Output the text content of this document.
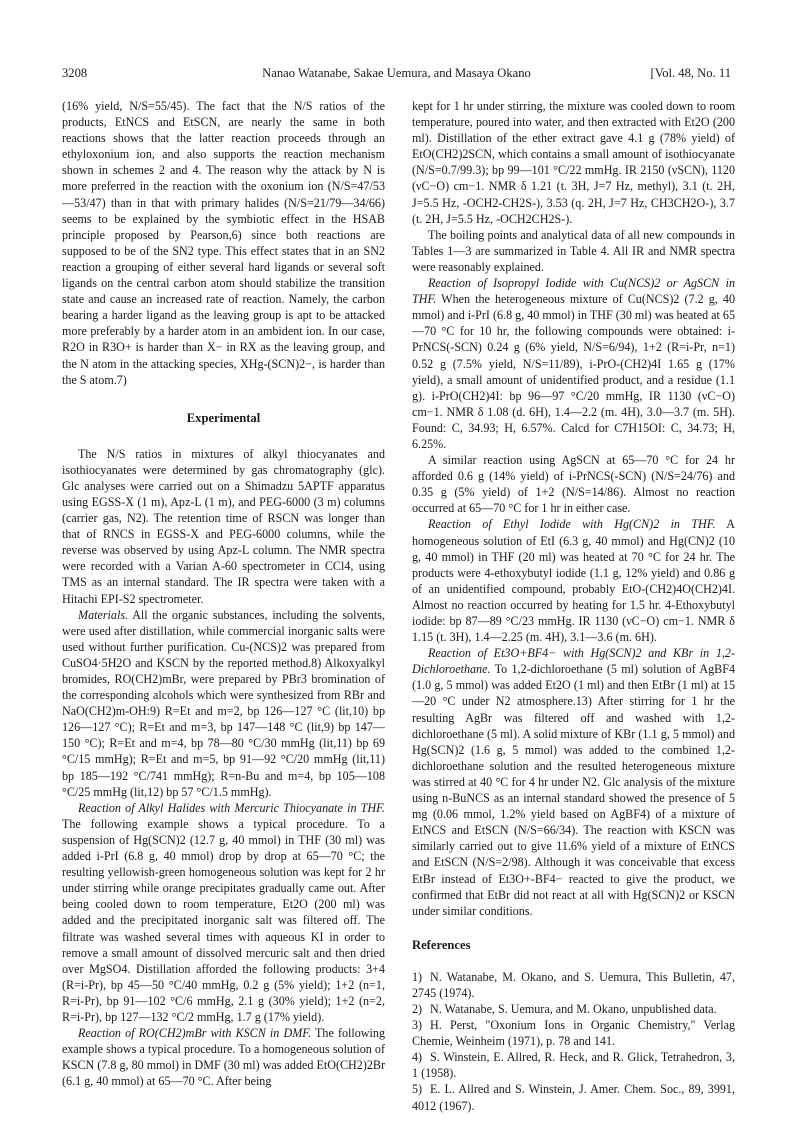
3208	Nanao Watanabe, Sakae Uemura, and Masaya Okano	[Vol. 48, No. 11

(16% yield, N/S=55/45). The fact that the N/S ratios of the products, EtNCS and EtSCN, are nearly the same in both reactions shows that the latter reaction proceeds through an ethyloxonium ion, and also supports the reaction mechanism shown in schemes 2 and 4. The reason why the attack by N is more preferred in the reaction with the oxonium ion (N/S=47/53—53/47) than in that with primary halides (N/S=21/79—34/66) seems to be explained by the symbiotic effect in the HSAB principle proposed by Pearson,6) since both reactions are supposed to be of the SN2 type. This effect states that in an SN2 reaction a grouping of either several hard ligands or several soft ligands on the central carbon atom should stabilize the transition state and cause an increased rate of reaction. Namely, the carbon bearing a harder ligand as the leaving group is apt to be attacked more preferably by a harder atom in an ambident ion. In our case, R2O in R3O+ is harder than X− in RX as the leaving group, and the N atom in the attacking species, XHg-(SCN)2−, is harder than the S atom.7)

Experimental

The N/S ratios in mixtures of alkyl thiocyanates and isothiocyanates were determined by gas chromatography (glc). Glc analyses were carried out on a Shimadzu 5APTF apparatus using EGSS-X (1 m), Apz-L (1 m), and PEG-6000 (3 m) columns (carrier gas, N2). The retention time of RSCN was longer than that of RNCS in EGSS-X and PEG-6000 columns, while the reverse was observed by using Apz-L column. The NMR spectra were recorded with a Varian A-60 spectrometer in CCl4, using TMS as an internal standard. The IR spectra were taken with a Hitachi EPI-S2 spectrometer.

Materials. All the organic substances, including the solvents, were used after distillation, while commercial inorganic salts were used without further purification. Cu-(NCS)2 was prepared from CuSO4·5H2O and KSCN by the reported method.8) Alkoxyalkyl bromides, RO(CH2)mBr, were prepared by PBr3 bromination of the corresponding alcohols which were synthesized from RBr and NaO(CH2)m-OH:9) R=Et and m=2, bp 126—127 °C (lit,10) bp 126—127 °C); R=Et and m=3, bp 147—148 °C (lit,9) bp 147—150 °C); R=Et and m=4, bp 78—80 °C/30 mmHg (lit,11) bp 69 °C/15 mmHg); R=Et and m=5, bp 91—92 °C/20 mmHg (lit,11) bp 185—192 °C/741 mmHg); R=n-Bu and m=4, bp 105—108 °C/25 mmHg (lit,12) bp 57 °C/1.5 mmHg).

Reaction of Alkyl Halides with Mercuric Thiocyanate in THF. The following example shows a typical procedure. To a suspension of Hg(SCN)2 (12.7 g, 40 mmol) in THF (30 ml) was added i-PrI (6.8 g, 40 mmol) drop by drop at 65—70 °C; the resulting yellowish-green homogeneous solution was kept for 2 hr under stirring while orange precipitates gradually came out. After being cooled down to room temperature, Et2O (200 ml) was added and the precipitated inorganic salt was filtered off. The filtrate was washed several times with aqueous KI in order to remove a small amount of dissolved mercuric salt and then dried over MgSO4. Distillation afforded the following products: 3+4 (R=i-Pr), bp 45—50 °C/40 mmHg, 0.2 g (5% yield); 1+2 (n=1, R=i-Pr), bp 91—102 °C/6 mmHg, 2.1 g (30% yield); 1+2 (n=2, R=i-Pr), bp 127—132 °C/2 mmHg, 1.7 g (17% yield).

Reaction of RO(CH2)mBr with KSCN in DMF. The following example shows a typical procedure. To a homogeneous solution of KSCN (7.8 g, 80 mmol) in DMF (30 ml) was added EtO(CH2)2Br (6.1 g, 40 mmol) at 65—70 °C. After being

kept for 1 hr under stirring, the mixture was cooled down to room temperature, poured into water, and then extracted with Et2O (200 ml). Distillation of the ether extract gave 4.1 g (78% yield) of EtO(CH2)2SCN, which contains a small amount of isothiocyanate (N/S=0.7/99.3); bp 99—101 °C/22 mmHg. IR 2150 (νSCN), 1120 (νC−O) cm−1. NMR δ 1.21 (t. 3H, J=7 Hz, methyl), 3.1 (t. 2H, J=5.5 Hz, -OCH2-CH2S-), 3.53 (q. 2H, J=7 Hz, CH3CH2O-), 3.7 (t. 2H, J=5.5 Hz, -OCH2CH2S-).

The boiling points and analytical data of all new compounds in Tables 1—3 are summarized in Table 4. All IR and NMR spectra were reasonably explained.

Reaction of Isopropyl Iodide with Cu(NCS)2 or AgSCN in THF. When the heterogeneous mixture of Cu(NCS)2 (7.2 g, 40 mmol) and i-PrI (6.8 g, 40 mmol) in THF (30 ml) was heated at 65—70 °C for 10 hr, the following compounds were obtained: i-PrNCS(-SCN) 0.24 g (6% yield, N/S=6/94), 1+2 (R=i-Pr, n=1) 0.52 g (7.5% yield, N/S=11/89), i-PrO-(CH2)4I 1.65 g (17% yield), a small amount of unidentified product, and a residue (1.1 g). i-PrO(CH2)4I: bp 96—97 °C/20 mmHg, IR 1130 (νC−O) cm−1. NMR δ 1.08 (d. 6H), 1.4—2.2 (m. 4H), 3.0—3.7 (m. 5H). Found: C, 34.93; H, 6.57%. Calcd for C7H15OI: C, 34.73; H, 6.25%.

A similar reaction using AgSCN at 65—70 °C for 24 hr afforded 0.6 g (14% yield) of i-PrNCS(-SCN) (N/S=24/76) and 0.35 g (5% yield) of 1+2 (N/S=14/86). Almost no reaction occurred at 65—70 °C for 1 hr in either case.

Reaction of Ethyl Iodide with Hg(CN)2 in THF. A homogeneous solution of EtI (6.3 g, 40 mmol) and Hg(CN)2 (10 g, 40 mmol) in THF (20 ml) was heated at 70 °C for 24 hr. The products were 4-ethoxybutyl iodide (1.1 g, 12% yield) and 0.86 g of an unidentified compound, probably EtO-(CH2)4O(CH2)4I. Almost no reaction occurred by heating for 1.5 hr. 4-Ethoxybutyl iodide: bp 87—89 °C/23 mmHg. IR 1130 (νC−O) cm−1. NMR δ 1.15 (t. 3H), 1.4—2.25 (m. 4H), 3.1—3.6 (m. 6H).

Reaction of Et3O+BF4− with Hg(SCN)2 and KBr in 1,2-Dichloroethane. To 1,2-dichloroethane (5 ml) solution of AgBF4 (1.0 g, 5 mmol) was added Et2O (1 ml) and then EtBr (1 ml) at 15—20 °C under N2 atmosphere.13) After stirring for 1 hr the resulting AgBr was filtered off and washed with 1,2-dichloroethane (5 ml). A solid mixture of KBr (1.1 g, 5 mmol) and Hg(SCN)2 (1.6 g, 5 mmol) was added to the combined 1,2-dichloroethane solution and the resulted heterogeneous mixture was stirred at 40 °C for 4 hr under N2. Glc analysis of the mixture using n-BuNCS as an internal standard showed the presence of 5 mg (0.06 mmol, 1.2% yield based on AgBF4) of a mixture of EtNCS and EtSCN (N/S=66/34). The reaction with KSCN was similarly carried out to give 11.6% yield of a mixture of EtNCS and EtSCN (N/S=2/98). Although it was conceivable that excess EtBr instead of Et3O+-BF4− reacted to give the product, we confirmed that EtBr did not react at all with Hg(SCN)2 or KSCN under similar conditions.

References

1) N. Watanabe, M. Okano, and S. Uemura, This Bulletin, 47, 2745 (1974).

2) N. Watanabe, S. Uemura, and M. Okano, unpublished data.

3) H. Perst, "Oxonium Ions in Organic Chemistry," Verlag Chemie, Weinheim (1971), p. 78 and 141.

4) S. Winstein, E. Allred, R. Heck, and R. Glick, Tetrahedron, 3, 1 (1958).

5) E. L. Allred and S. Winstein, J. Amer. Chem. Soc., 89, 3991, 4012 (1967).
